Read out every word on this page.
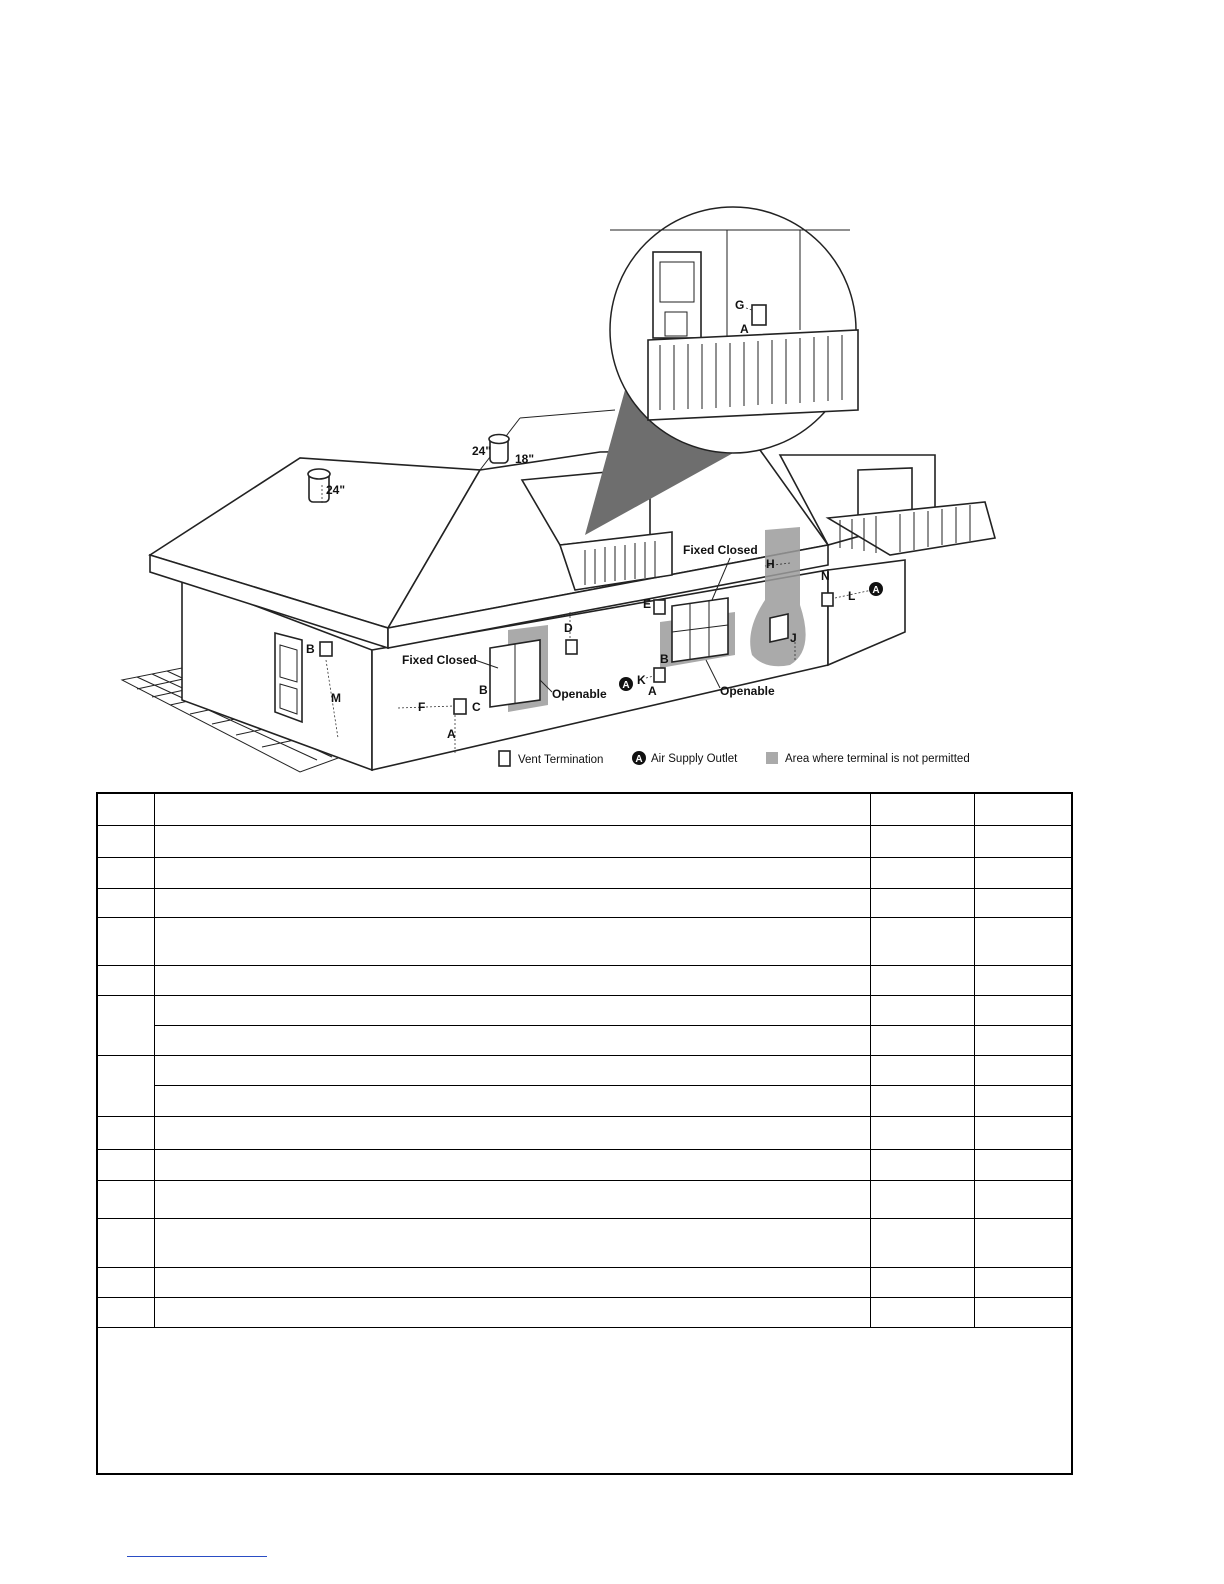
24"
24"
18"
G
A
B
M
F	C
B
A
D
E
B
K
A
H
J
N
L
A
A
Fixed Closed
Openable
Fixed Closed
Openable
Vent Termination	A Air Supply Outlet	Area where terminal is not permitted
